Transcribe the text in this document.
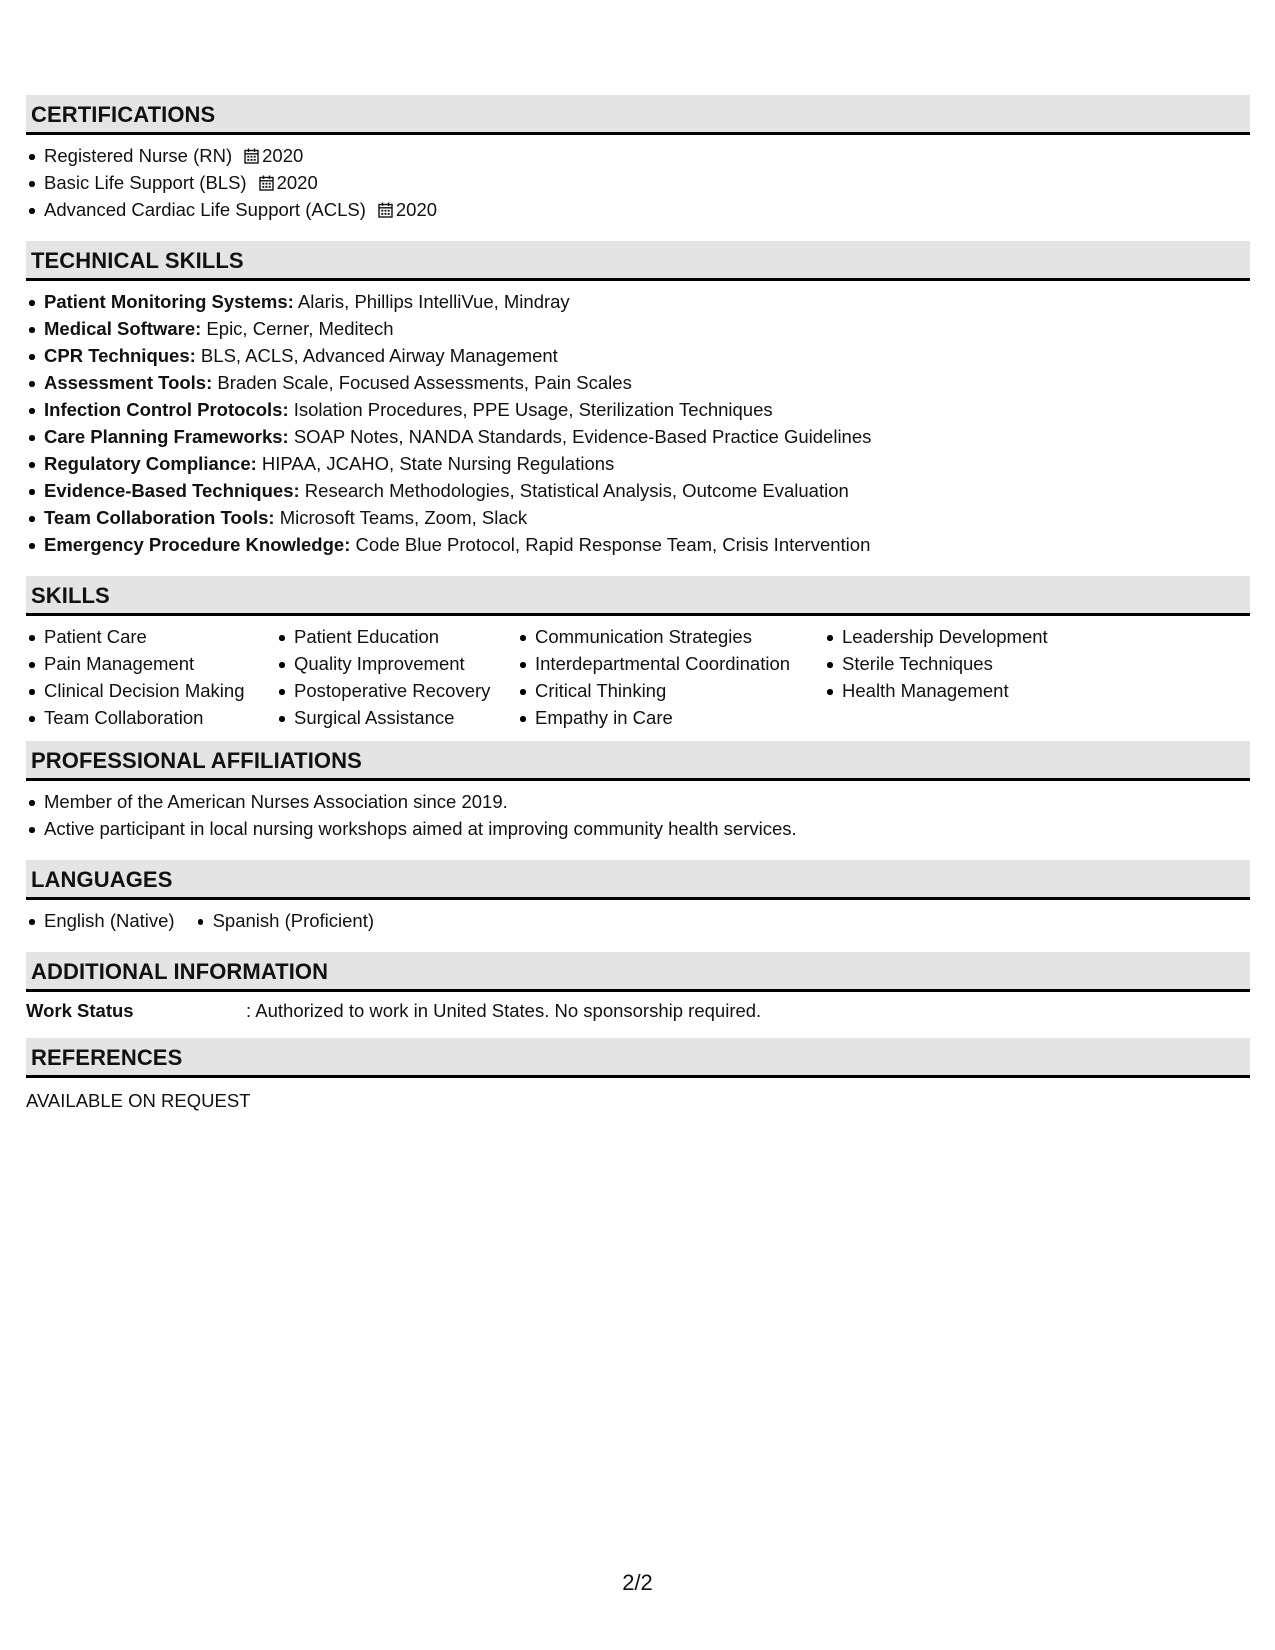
CERTIFICATIONS
Registered Nurse (RN) 2020
Basic Life Support (BLS) 2020
Advanced Cardiac Life Support (ACLS) 2020
TECHNICAL SKILLS
Patient Monitoring Systems: Alaris, Phillips IntelliVue, Mindray
Medical Software: Epic, Cerner, Meditech
CPR Techniques: BLS, ACLS, Advanced Airway Management
Assessment Tools: Braden Scale, Focused Assessments, Pain Scales
Infection Control Protocols: Isolation Procedures, PPE Usage, Sterilization Techniques
Care Planning Frameworks: SOAP Notes, NANDA Standards, Evidence-Based Practice Guidelines
Regulatory Compliance: HIPAA, JCAHO, State Nursing Regulations
Evidence-Based Techniques: Research Methodologies, Statistical Analysis, Outcome Evaluation
Team Collaboration Tools: Microsoft Teams, Zoom, Slack
Emergency Procedure Knowledge: Code Blue Protocol, Rapid Response Team, Crisis Intervention
SKILLS
Patient Care
Pain Management
Clinical Decision Making
Team Collaboration
Patient Education
Quality Improvement
Postoperative Recovery
Surgical Assistance
Communication Strategies
Interdepartmental Coordination
Critical Thinking
Empathy in Care
Leadership Development
Sterile Techniques
Health Management
PROFESSIONAL AFFILIATIONS
Member of the American Nurses Association since 2019.
Active participant in local nursing workshops aimed at improving community health services.
LANGUAGES
English (Native)	Spanish (Proficient)
ADDITIONAL INFORMATION
Work Status	: Authorized to work in United States. No sponsorship required.
REFERENCES
AVAILABLE ON REQUEST
2/2
